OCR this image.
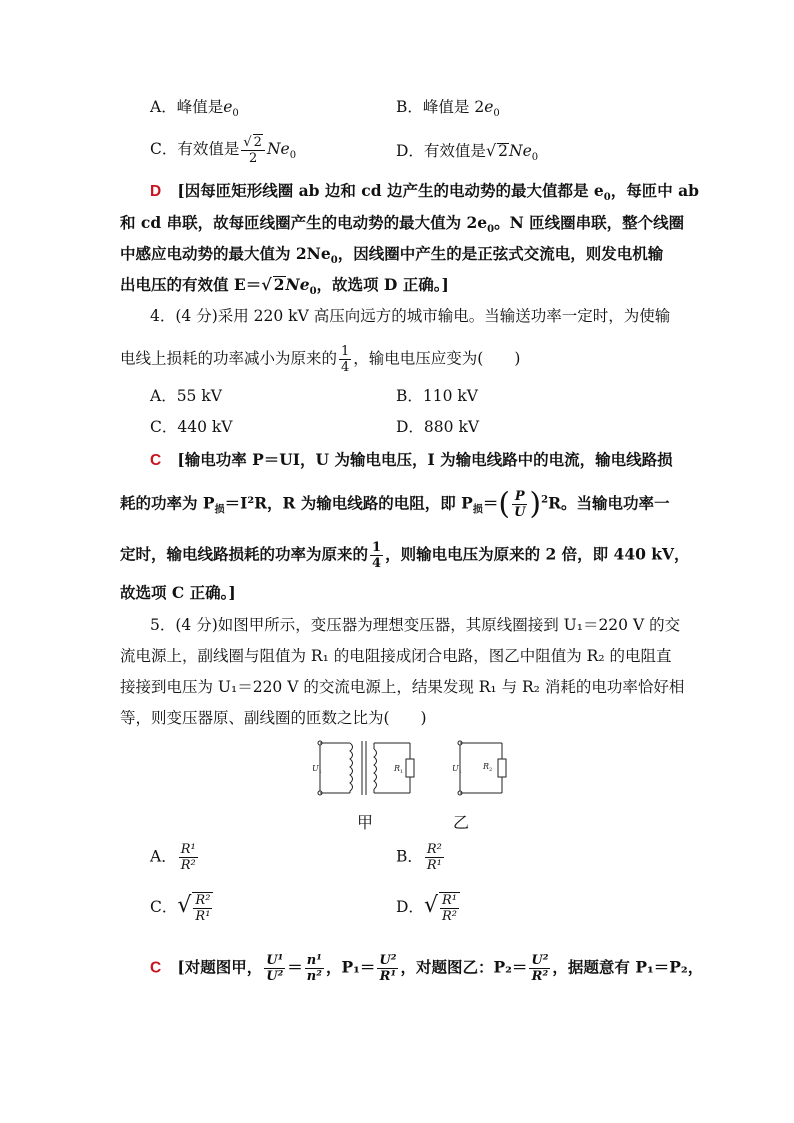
A．峰值是$e_0$	B．峰值是 $2e_0$
C．有效值是 $\frac{√ 2}{2} Ne_0$	D．有效值是√ $2Ne_0$
D [因每匝矩形线圈 ab 边和 cd 边产生的电动势的最大值都是 $e_0$，每匝中 ab
和 cd 串联，故每匝线圈产生的电动势的最大值为 $2e_0$。N 匝线圈串联，整个线圈
中感应电动势的最大值为 $2Ne_0$，因线圈中产生的是正弦式交流电，则发电机输
出电压的有效值 E＝√ $2Ne_0$，故选项 D 正确。]
4．(4 分)采用 220 kV 高压向远方的城市输电。当输送功率一定时，为使输
电线上损耗的功率减小为原来的 $\frac{1}{4}$ ，输电电压应变为(　　)
A．55 kV	B．110 kV
C．440 kV	D．880 kV
C [输电功率 P＝UI，U 为输电电压，I 为输电线路中的电流，输电线路损
耗的功率为 $P_损=I^2R$，R 为输电线路的电阻，即 $P_损=( \frac{P}{U} )^2R$。当输电功率一
定时，输电线路损耗的功率为原来的 $\frac{1}{4}$ ，则输电电压为原来的 2 倍，即 440 kV，
故选项 C 正确。]
5．(4 分)如图甲所示，变压器为理想变压器，其原线圈接到 U₁＝220 V 的交
流电源上，副线圈与阻值为 R₁ 的电阻接成闭合电路，图乙中阻值为 R₂ 的电阻直
接接到电压为 U₁＝220 V 的交流电源上，结果发现 R₁ 与 R₂ 消耗的电功率恰好相
等，则变压器原、副线圈的匝数之比为(　　)
$U_1$	$R_1$	$U_1$
$R_2$
甲	乙
A． $\frac{\text{R¹}}{\text{R²}}$	B． $\frac{\text{R²}}{\text{R¹}}$
C．√ $\frac{\text{R²}}{\text{R¹}}$	D．√ $\frac{\text{R¹}}{\text{R²}}$
C [对题图甲， $\frac{\text{U¹}}{\text{U²}} = \frac{\text{n¹}}{\text{n²}}$ ，$P_1= \frac{\text{U²}}{\text{R¹}}$ ，对题图乙：$P_2= \frac{\text{U²}}{\text{R²}}$ ，据题意有 P₁＝P₂，
